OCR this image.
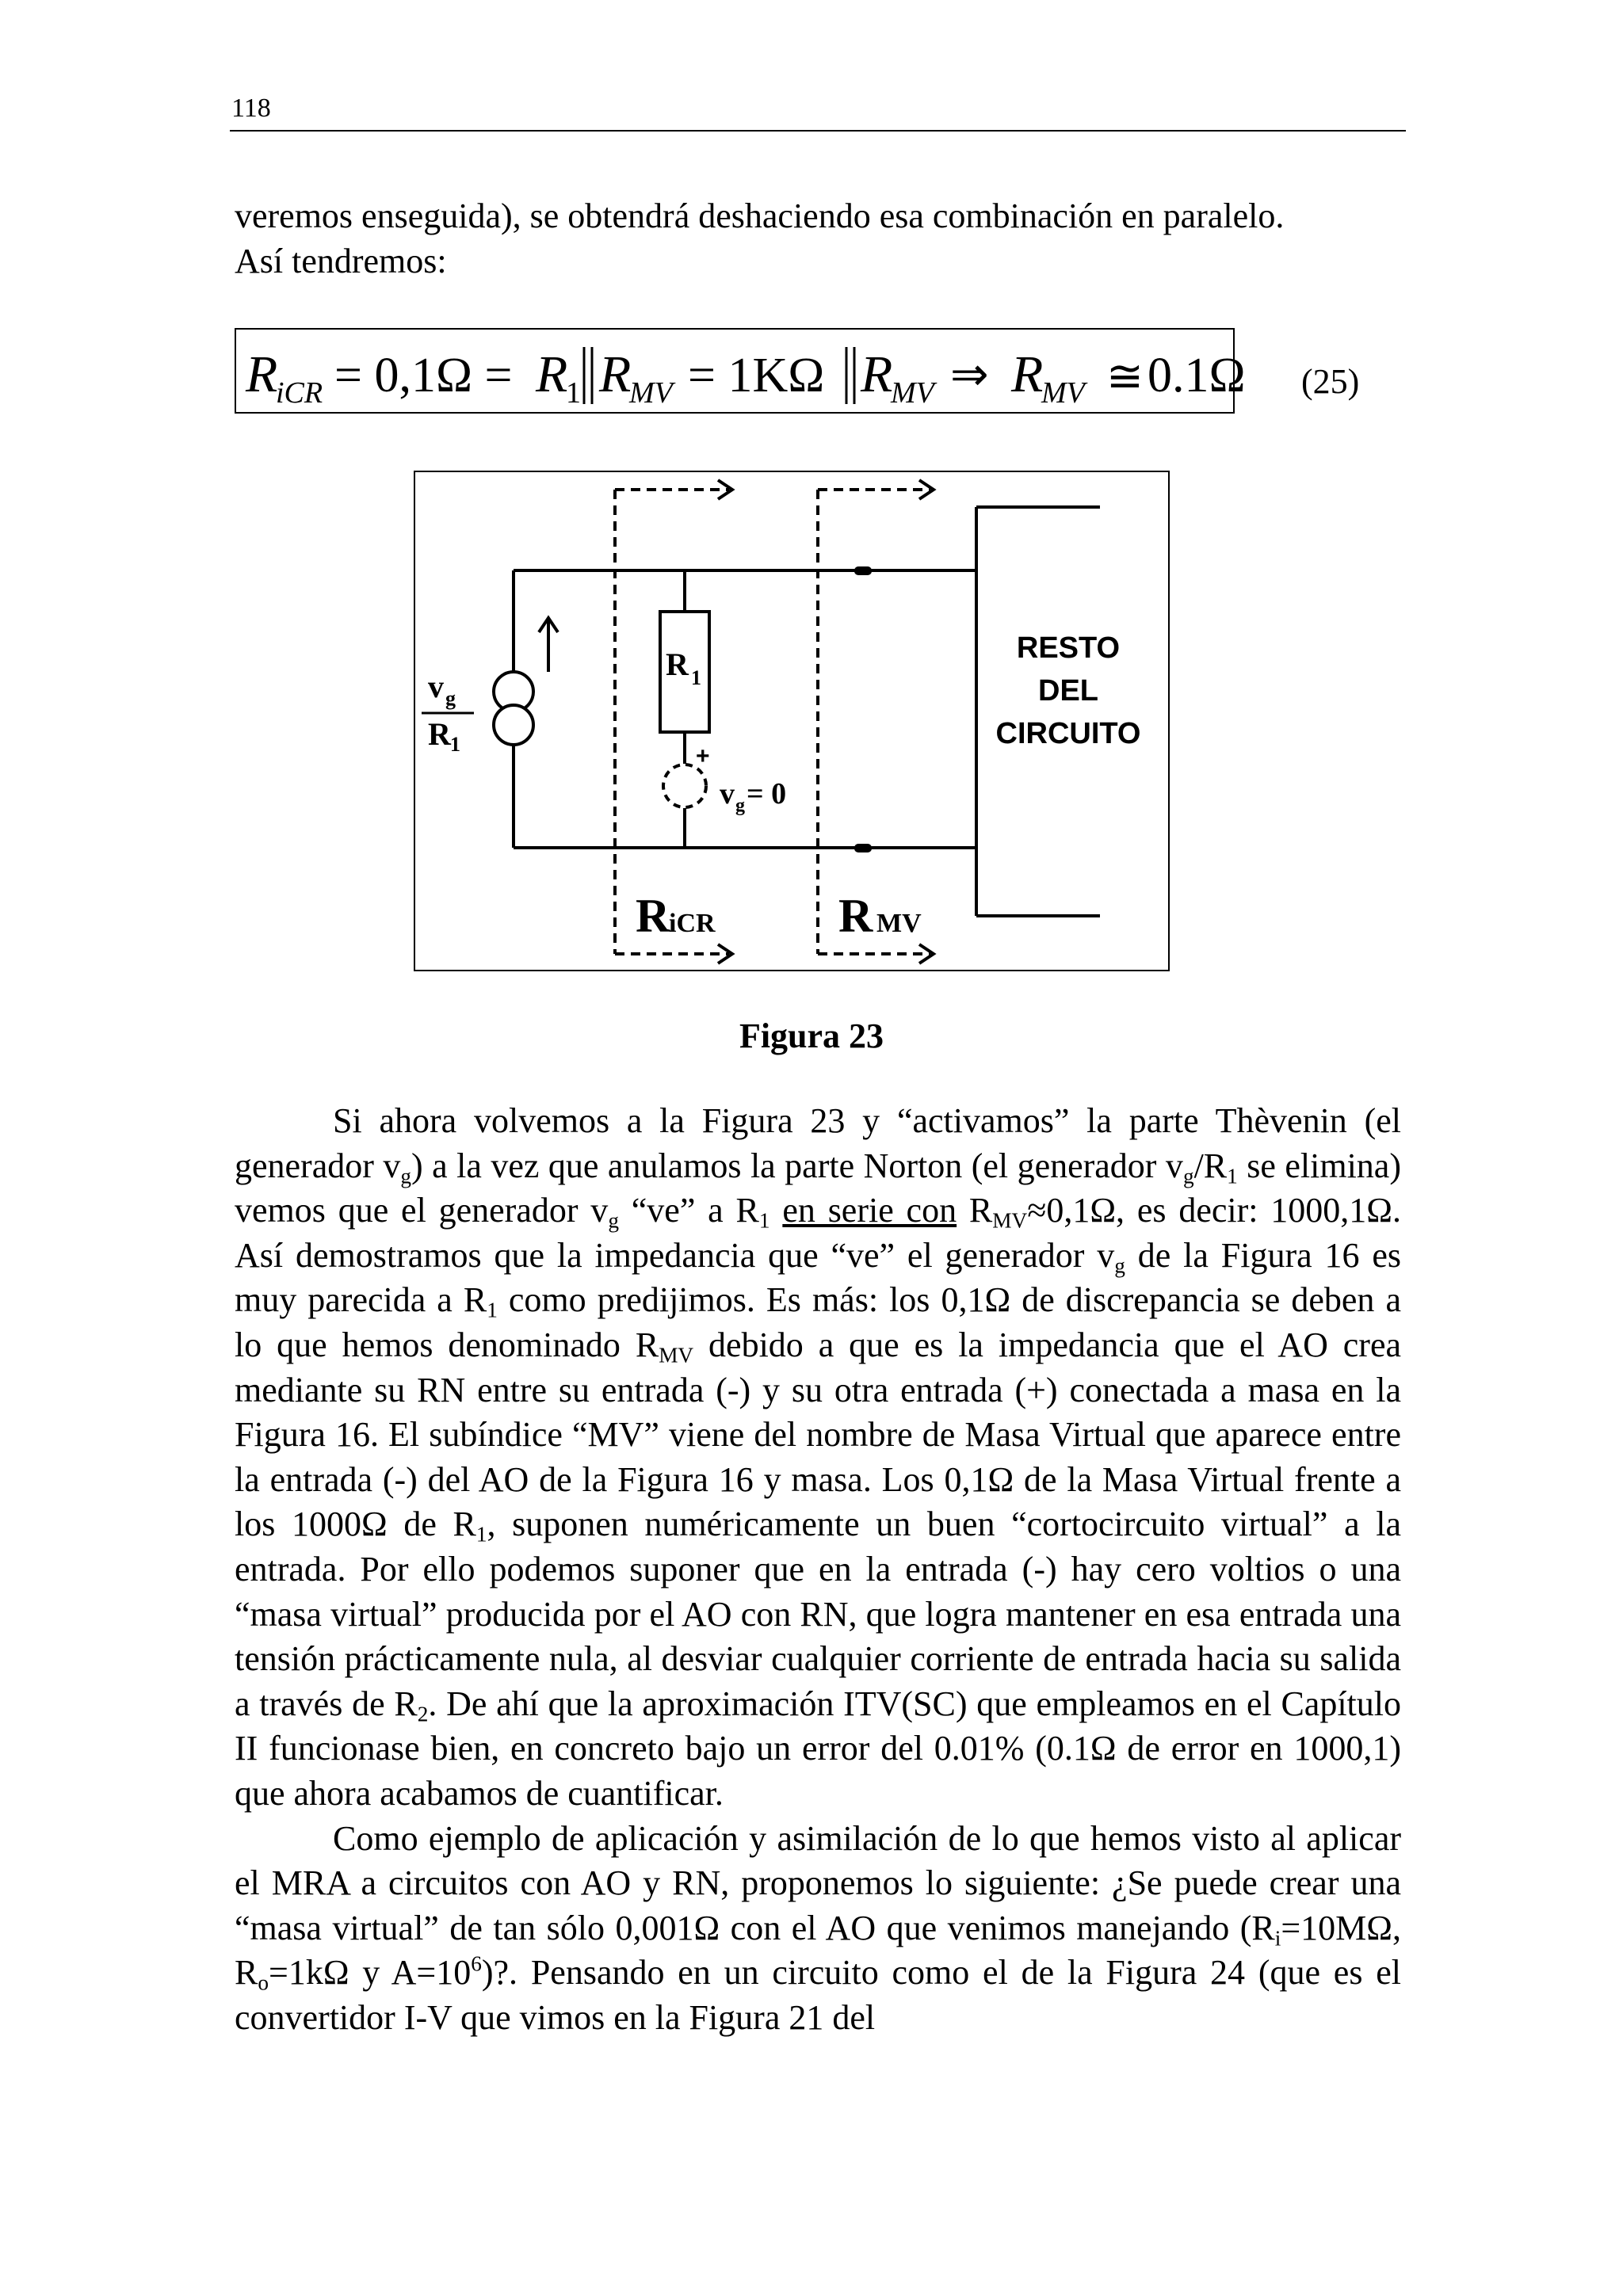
118

veremos enseguida), se obtendrá deshaciendo esa combinación en paralelo.
Así tendremos:

R
iCR = 0,1Ω = R
1 R
MV = 1KΩ R
MV ⇒ R
MV ≅ 0.1Ω (25)
v g
R 1
R 1
+
v g = 0
RESTO
DEL
CIRCUITO
R
iCR	R MV
Figura 23

Si ahora volvemos a la Figura 23 y “activamos” la parte Thèvenin (el generador $v_g$) a la vez que anulamos la parte Norton (el generador $v_g/R_1$ se elimina) vemos que el generador $v_g$ “ve” a $R_1$ en serie con $R_{MV}\approx 0,1\Omega$, es decir: 1000,1Ω. Así demostramos que la impedancia que “ve” el generador $v_g$ de la Figura 16 es muy parecida a $R_1$ como predijimos. Es más: los 0,1Ω de discrepancia se deben a lo que hemos denominado $R_{MV}$ debido a que es la impedancia que el AO crea mediante su RN entre su entrada (-) y su otra entrada (+) conectada a masa en la Figura 16. El subíndice “MV” viene del nombre de Masa Virtual que aparece entre la entrada (-) del AO de la Figura 16 y masa. Los 0,1Ω de la Masa Virtual frente a los 1000Ω de $R_1$, suponen numéricamente un buen “cortocircuito virtual” a la entrada. Por ello podemos suponer que en la entrada (-) hay cero voltios o una “masa virtual” producida por el AO con RN, que logra mantener en esa entrada una tensión prácticamente nula, al desviar cualquier corriente de entrada hacia su salida a través de $R_2$. De ahí que la aproximación ITV(SC) que empleamos en el Capítulo II funcionase bien, en concreto bajo un error del 0.01% (0.1Ω de error en 1000,1) que ahora acabamos de cuantificar.

Como ejemplo de aplicación y asimilación de lo que hemos visto al aplicar el MRA a circuitos con AO y RN, proponemos lo siguiente: ¿Se puede crear una “masa virtual” de tan sólo 0,001Ω con el AO que venimos manejando ($R_i=10M\Omega$, $R_o=1k\Omega$ y $A=10^6$)?. Pensando en un circuito como el de la Figura 24 (que es el convertidor I-V que vimos en la Figura 21 del
